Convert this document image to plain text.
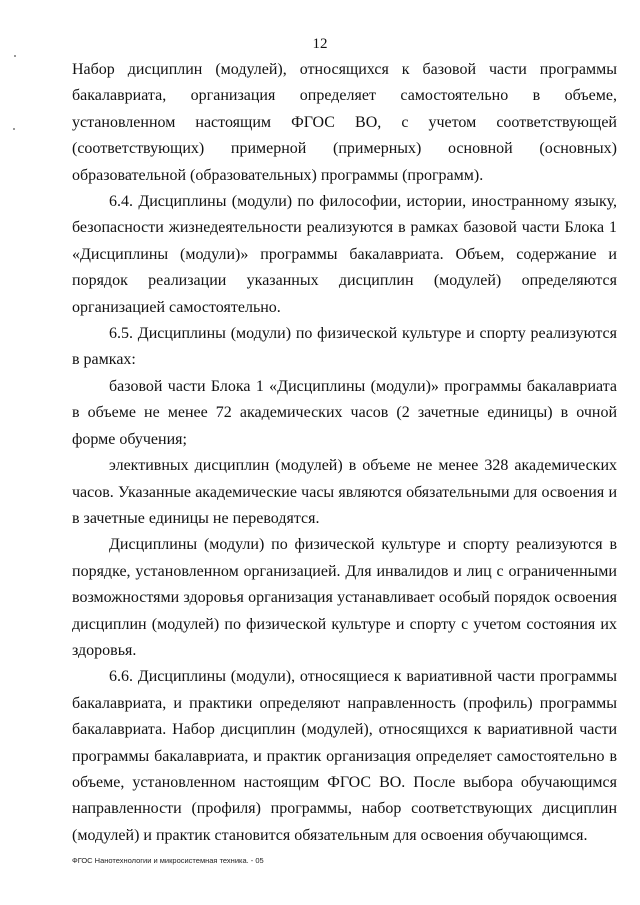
12

Набор дисциплин (модулей), относящихся к базовой части программы бакалавриата, организация определяет самостоятельно в объеме, установленном настоящим ФГОС ВО, с учетом соответствующей (соответствующих) примерной (примерных) основной (основных) образовательной (образовательных) программы (программ).

6.4. Дисциплины (модули) по философии, истории, иностранному языку, безопасности жизнедеятельности реализуются в рамках базовой части Блока 1 «Дисциплины (модули)» программы бакалавриата. Объем, содержание и порядок реализации указанных дисциплин (модулей) определяются организацией самостоятельно.

6.5. Дисциплины (модули) по физической культуре и спорту реализуются в рамках:

базовой части Блока 1 «Дисциплины (модули)» программы бакалавриата в объеме не менее 72 академических часов (2 зачетные единицы) в очной форме обучения;

элективных дисциплин (модулей) в объеме не менее 328 академических часов. Указанные академические часы являются обязательными для освоения и в зачетные единицы не переводятся.

Дисциплины (модули) по физической культуре и спорту реализуются в порядке, установленном организацией. Для инвалидов и лиц с ограниченными возможностями здоровья организация устанавливает особый порядок освоения дисциплин (модулей) по физической культуре и спорту с учетом состояния их здоровья.

6.6. Дисциплины (модули), относящиеся к вариативной части программы бакалавриата, и практики определяют направленность (профиль) программы бакалавриата. Набор дисциплин (модулей), относящихся к вариативной части программы бакалавриата, и практик организация определяет самостоятельно в объеме, установленном настоящим ФГОС ВО. После выбора обучающимся направленности (профиля) программы, набор соответствующих дисциплин (модулей) и практик становится обязательным для освоения обучающимся.

ФГОС Нанотехнологии и микросистемная техника. - 05
